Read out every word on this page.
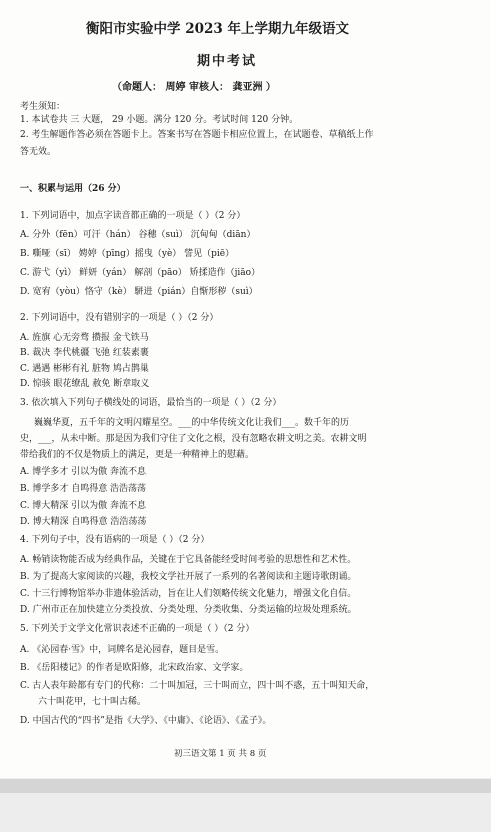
衡阳市实验中学 2023 年上学期九年级语文
期中考试
（命题人： 周婷 审核人： 龚亚洲 ）
考生须知：
1. 本试卷共 三 大题， 29 小题。满分 120 分。考试时间 120 分钟。
2. 考生解题作答必须在答题卡上。答案书写在答题卡相应位置上，在试题卷、草稿纸上作
答无效。
一、积累与运用（26 分）
1. 下列词语中，加点字读音都正确的一项是（ ）（2 分）
A. 分外（fēn）可汗（hán） 谷穗（suì） 沉甸甸（diān）
B. 嘶哑（sī） 娉婷（pīng）摇曳（yè） 訾见（piē）
C. 游弋（yì） 鲜妍（yán） 解剖（pāo） 矫揉造作（jiāo）
D. 宽宥（yòu）恪守（kè） 駢进（pián）自惭形秽（suì）
2. 下列词语中，没有错别字的一项是（ ）（2 分）
A. 旌旗 心无旁骛 攒报 金弋铁马
B. 裁决 李代桃疆 飞弛 红装素裹
C. 遇遇 彬彬有礼 脏物 鸠占鹊巢
D. 惊骇 眼花缭乱 赦免 断章取义
3. 依次填入下列句子横线处的词语，最恰当的一项是（ ）（2 分）
巍巍华夏，五千年的文明闪耀星空。___的中华传统文化让我们___。数千年的历
史，___，从未中断。那是因为我们守住了文化之根，没有忽略农耕文明之美。农耕文明
带给我们的不仅是物质上的满足，更是一种精神上的慰藉。
A. 博学多才 引以为傲 奔流不息
B. 博学多才 自鸣得意 浩浩荡荡
C. 博大精深 引以为傲 奔流不息
D. 博大精深 自鸣得意 浩浩荡荡
4. 下列句子中，没有语病的一项是（ ）（2 分）
A. 畅销读物能否成为经典作品，关键在于它具备能经受时间考验的思想性和艺术性。
B. 为了提高大家阅读的兴趣，我校文学社开展了一系列的名著阅读和主题诗歌朗诵。
C. 十三行博物馆举办非遗体验活动，旨在让人们领略传统文化魅力，增强文化自信。
D. 广州市正在加快建立分类投放、分类处理、分类收集、分类运输的垃圾处理系统。
5. 下列关于文学文化常识表述不正确的一项是（ ）（2 分）
A. 《沁园春·雪》中，词牌名是沁园春，题目是雪。
B. 《岳阳楼记》的作者是欧阳修，北宋政治家、文学家。
C. 古人表年龄都有专门的代称：二十叫加冠，三十叫而立，四十叫不惑，五十叫知天命，
六十叫花甲，七十叫古稀。
D. 中国古代的“四书”是指《大学》、《中庸》、《论语》、《孟子》。
初三语文第 1 页 共 8 页
